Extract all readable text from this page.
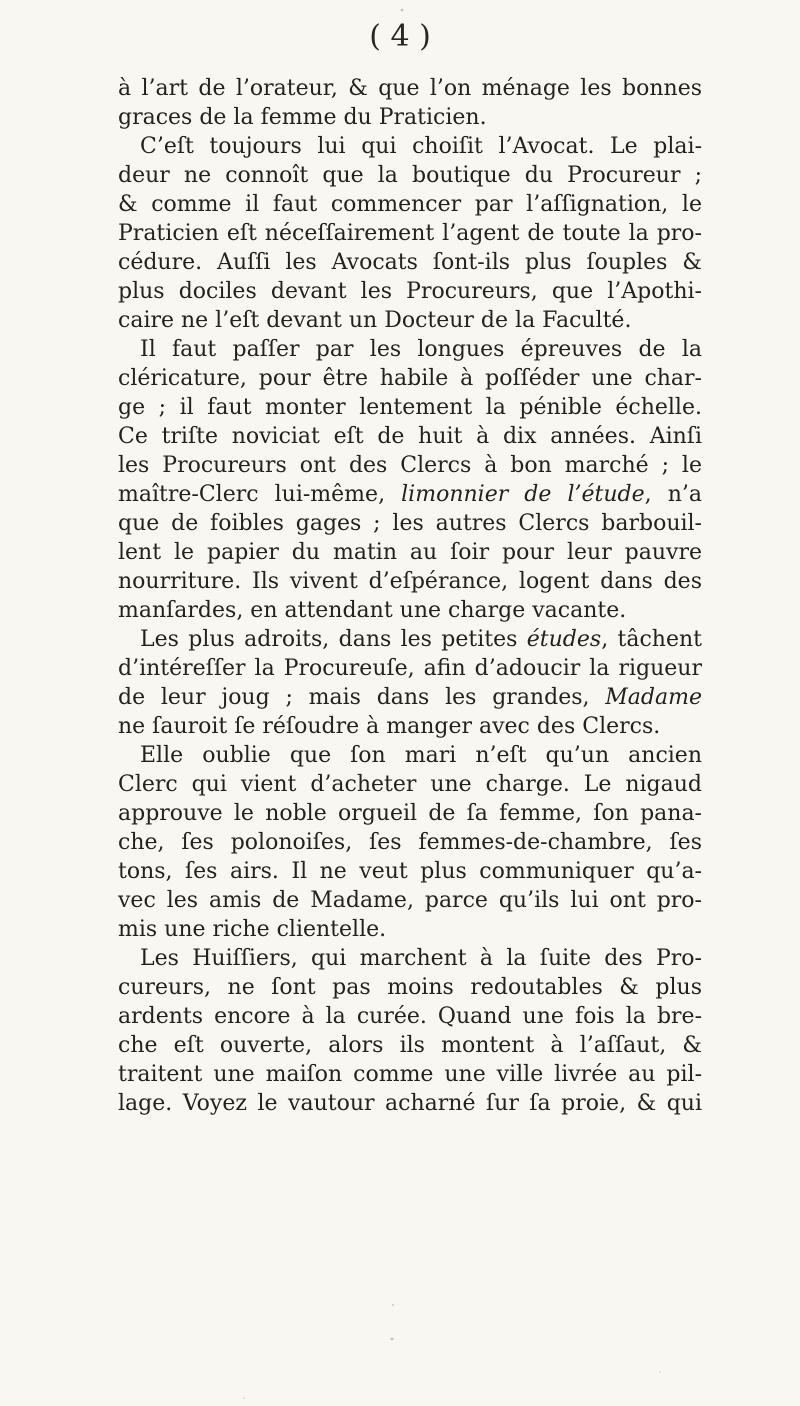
( 4 )
à l’art de l’orateur, & que l’on ménage les bonnes
graces de la femme du Praticien.
C’eſt toujours lui qui choiſit l’Avocat. Le plai-
deur ne connoît que la boutique du Procureur ;
& comme il faut commencer par l’aſſignation, le
Praticien eſt néceſſairement l’agent de toute la pro-
cédure. Auſſi les Avocats ſont-ils plus ſouples &
plus dociles devant les Procureurs, que l’Apothi-
caire ne l’eſt devant un Docteur de la Faculté.
Il faut paſſer par les longues épreuves de la
cléricature, pour être habile à poſſéder une char-
ge ; il faut monter lentement la pénible échelle.
Ce triſte noviciat eſt de huit à dix années. Ainſi
les Procureurs ont des Clercs à bon marché ; le
maître-Clerc lui-même, limonnier de l’étude, n’a
que de foibles gages ; les autres Clercs barbouil-
lent le papier du matin au ſoir pour leur pauvre
nourriture. Ils vivent d’eſpérance, logent dans des
manſardes, en attendant une charge vacante.
Les plus adroits, dans les petites études, tâchent
d’intéreſſer la Procureuſe, afin d’adoucir la rigueur
de leur joug ; mais dans les grandes, Madame
ne ſauroit ſe réſoudre à manger avec des Clercs.
Elle oublie que ſon mari n’eſt qu’un ancien
Clerc qui vient d’acheter une charge. Le nigaud
approuve le noble orgueil de ſa femme, ſon pana-
che, ſes polonoiſes, ſes femmes-de-chambre, ſes
tons, ſes airs. Il ne veut plus communiquer qu’a-
vec les amis de Madame, parce qu’ils lui ont pro-
mis une riche clientelle.
Les Huiſſiers, qui marchent à la ſuite des Pro-
cureurs, ne ſont pas moins redoutables & plus
ardents encore à la curée. Quand une fois la bre-
che eſt ouverte, alors ils montent à l’aſſaut, &
traitent une maiſon comme une ville livrée au pil-
lage. Voyez le vautour acharné ſur ſa proie, & qui
